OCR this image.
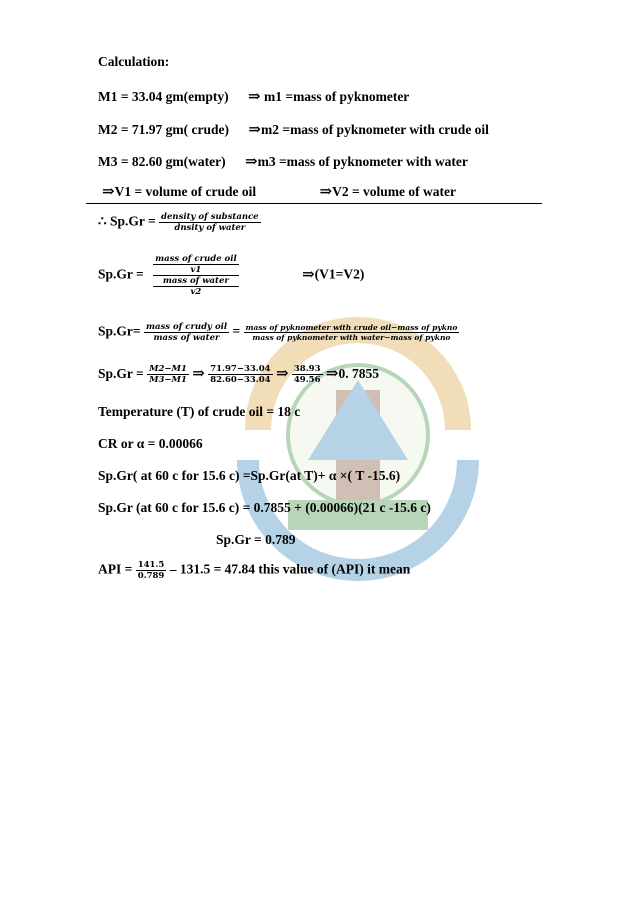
Calculation:
M1 = 33.04 gm(empty) ⇒ m1 =mass of pyknometer
M2 = 71.97 gm( crude) ⇒m2 =mass of pyknometer with crude oil
M3 = 82.60 gm(water) ⇒m3 =mass of pyknometer with water
⇒V1 = volume of crude oil	⇒V2 = volume of water
∴ $Sp.Gr = \frac{\text{density of substance}}{\text{dnsity of water}}$
Sp.Gr = mass of crude oil
v1
mass of water
v2	⇒(V1=V2)
$Sp.Gr= \frac{\text{mass of crudy oil}}{\text{mass of water}} = \frac{\text{mass of pyknometer with crude oil−mass of pykno}}{\text{mass of pyknometer with water−mass of pykno}}$
$Sp.Gr = \frac{M2-M1}{M3-M1}$ ⇒ $\frac{71.97-33.04}{82.60-33.04}$ ⇒ $\frac{38.93}{49.56}$ ⇒0. 7855
Temperature (T) of crude oil = 18 c
CR or α = 0.00066
Sp.Gr( at 60 c for 15.6 c) =Sp.Gr(at T)+ α ×( T -15.6)
Sp.Gr (at 60 c for 15.6 c) = 0.7855 + (0.00066)(21 c -15.6 c)
Sp.Gr = 0.789
API = $\frac{141.5}{0.789} - 131.5 = 47.84$ this value of (API) it mean
